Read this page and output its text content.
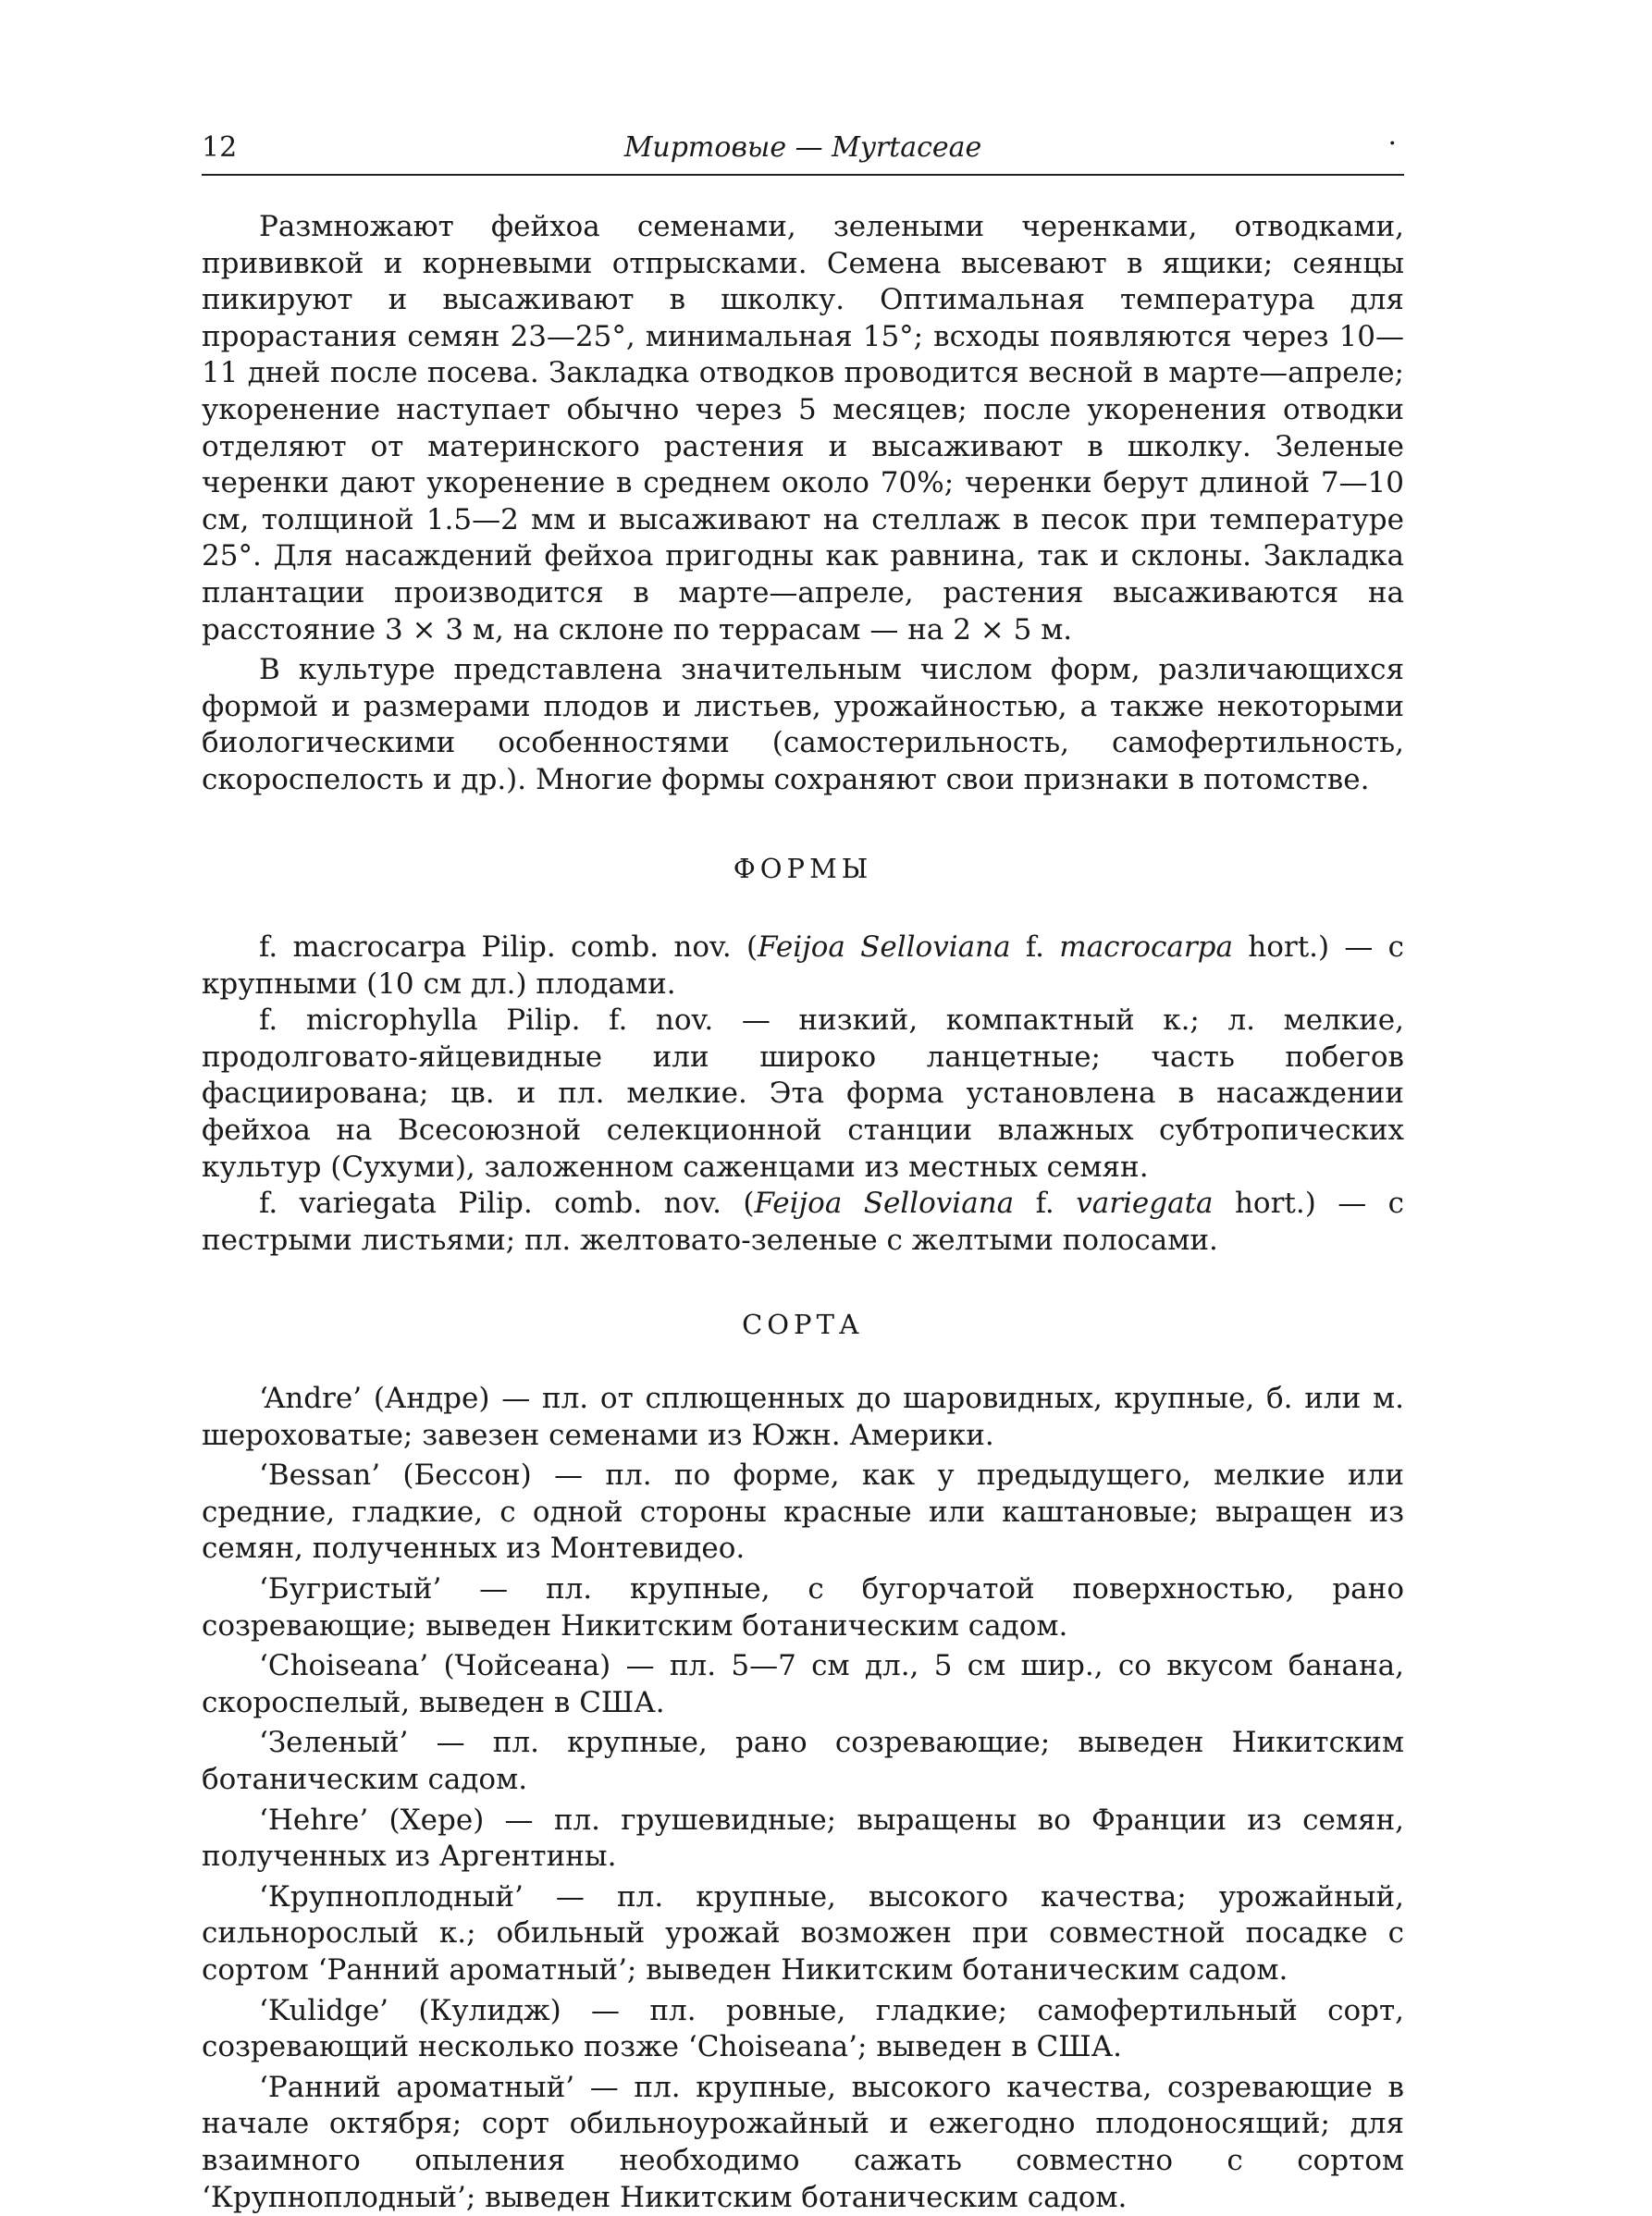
12	Миртовые — Myrtaceae	·

Размножают фейхоа семенами, зелеными черенками, отводками, прививкой и корневыми отпрысками. Семена высевают в ящики; сеянцы пикируют и высаживают в школку. Оптимальная температура для прорастания семян 23—25°, минимальная 15°; всходы появляются через 10—11 дней после посева. Закладка отводков проводится весной в марте—апреле; укоренение наступает обычно через 5 месяцев; после укоренения отводки отделяют от материнского растения и высаживают в школку. Зеленые черенки дают укоренение в среднем около 70%; черенки берут длиной 7—10 см, толщиной 1.5—2 мм и высаживают на стеллаж в песок при температуре 25°. Для насаждений фейхоа пригодны как равнина, так и склоны. Закладка плантации производится в марте—апреле, растения высаживаются на расстояние 3 × 3 м, на склоне по террасам — на 2 × 5 м.

В культуре представлена значительным числом форм, различающихся формой и размерами плодов и листьев, урожайностью, а также некоторыми биологическими особенностями (самостерильность, самофертильность, скороспелость и др.). Многие формы сохраняют свои признаки в потомстве.

ФОРМЫ

f. macrocarpa Pilip. comb. nov. (Feijoa Selloviana f. macrocarpa hort.) — с крупными (10 см дл.) плодами.

f. microphylla Pilip. f. nov. — низкий, компактный к.; л. мелкие, продолговато-яйцевидные или широко ланцетные; часть побегов фасциирована; цв. и пл. мелкие. Эта форма установлена в насаждении фейхоа на Всесоюзной селекционной станции влажных субтропических культур (Сухуми), заложенном саженцами из местных семян.

f. variegata Pilip. comb. nov. (Feijoa Selloviana f. variegata hort.) — с пестрыми листьями; пл. желтовато-зеленые с желтыми полосами.

СОРТА

‘Andre’ (Андре) — пл. от сплющенных до шаровидных, крупные, б. или м. шероховатые; завезен семенами из Южн. Америки.

‘Bessan’ (Бессон) — пл. по форме, как у предыдущего, мелкие или средние, гладкие, с одной стороны красные или каштановые; выращен из семян, полученных из Монтевидео.

‘Бугристый’ — пл. крупные, с бугорчатой поверхностью, рано созревающие; выведен Никитским ботаническим садом.

‘Choiseana’ (Чойсеана) — пл. 5—7 см дл., 5 см шир., со вкусом банана, скороспелый, выведен в США.

‘Зеленый’ — пл. крупные, рано созревающие; выведен Никитским ботаническим садом.

‘Hehre’ (Хере) — пл. грушевидные; выращены во Франции из семян, полученных из Аргентины.

‘Крупноплодный’ — пл. крупные, высокого качества; урожайный, сильнорослый к.; обильный урожай возможен при совместной посадке с сортом ‘Ранний ароматный’; выведен Никитским ботаническим садом.

‘Kulidge’ (Кулидж) — пл. ровные, гладкие; самофертильный сорт, созревающий несколько позже ‘Choiseana’; выведен в США.

‘Ранний ароматный’ — пл. крупные, высокого качества, созревающие в начале октября; сорт обильноурожайный и ежегодно плодоносящий; для взаимного опыления необходимо сажать совместно с сортом ‘Крупноплодный’; выведен Никитским ботаническим садом.
